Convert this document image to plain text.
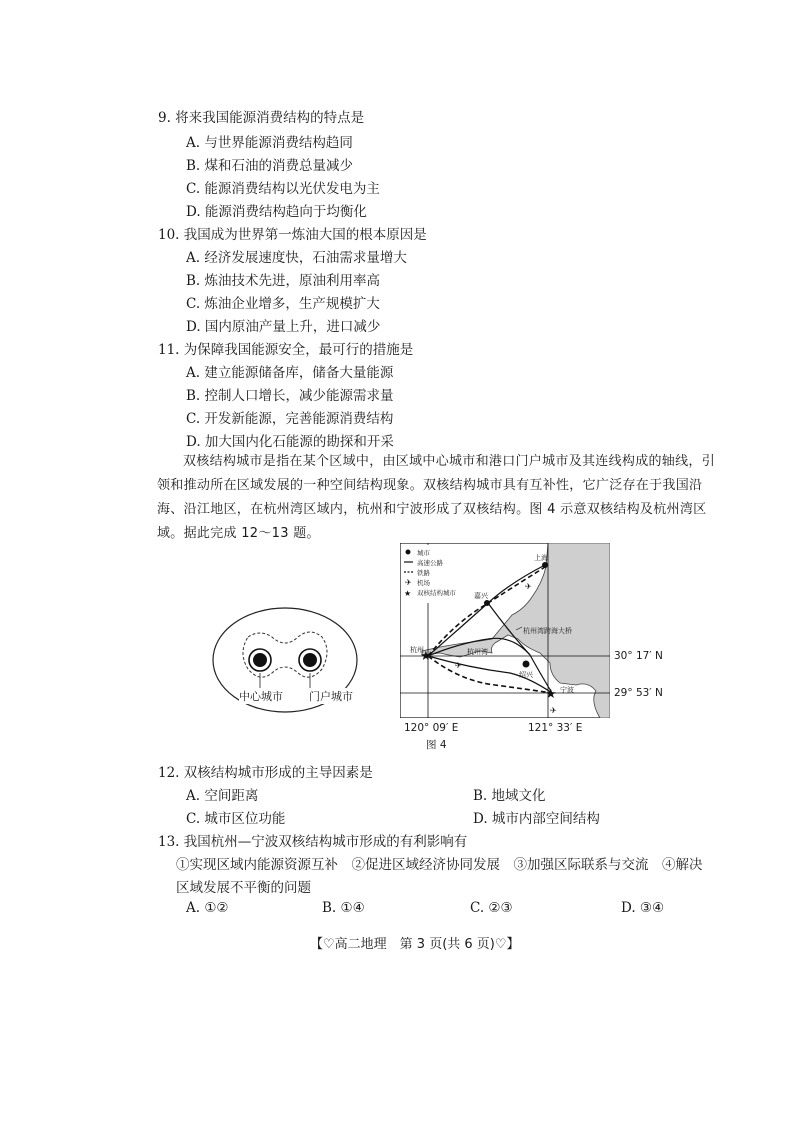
9. 将来我国能源消费结构的特点是
A. 与世界能源消费结构趋同
B. 煤和石油的消费总量减少
C. 能源消费结构以光伏发电为主
D. 能源消费结构趋向于均衡化
10. 我国成为世界第一炼油大国的根本原因是
A. 经济发展速度快，石油需求量增大
B. 炼油技术先进，原油利用率高
C. 炼油企业增多，生产规模扩大
D. 国内原油产量上升，进口减少
11. 为保障我国能源安全，最可行的措施是
A. 建立能源储备库，储备大量能源
B. 控制人口增长，减少能源需求量
C. 开发新能源，完善能源消费结构
D. 加大国内化石能源的勘探和开采

双核结构城市是指在某个区域中，由区域中心城市和港口门户城市及其连线构成的轴线，引领和推动所在区域发展的一种空间结构现象。双核结构城市具有互补性，它广泛存在于我国沿海、沿江地区，在杭州湾区域内，杭州和宁波形成了双核结构。图 4 示意双核结构及杭州湾区域。据此完成 12～13 题。

中心城市 门户城市
✈
★
★
★
✈
✈
✈
城市
高速公路
铁路
机场
双核结构城市
上海
嘉兴
杭州	杭州湾
绍兴
宁波
杭州湾跨海大桥
30° 17′ N
29° 53′ N
120° 09′ E	121° 33′ E
图 4
12. 双核结构城市形成的主导因素是
A. 空间距离	B. 地域文化
C. 城市区位功能	D. 城市内部空间结构
13. 我国杭州—宁波双核结构城市形成的有利影响有
①实现区域内能源资源互补　②促进区域经济协同发展　③加强区际联系与交流　④解决
区域发展不平衡的问题
A. ①②	B. ①④	C. ②③	D. ③④
【♡高二地理　第 3 页(共 6 页)♡】
